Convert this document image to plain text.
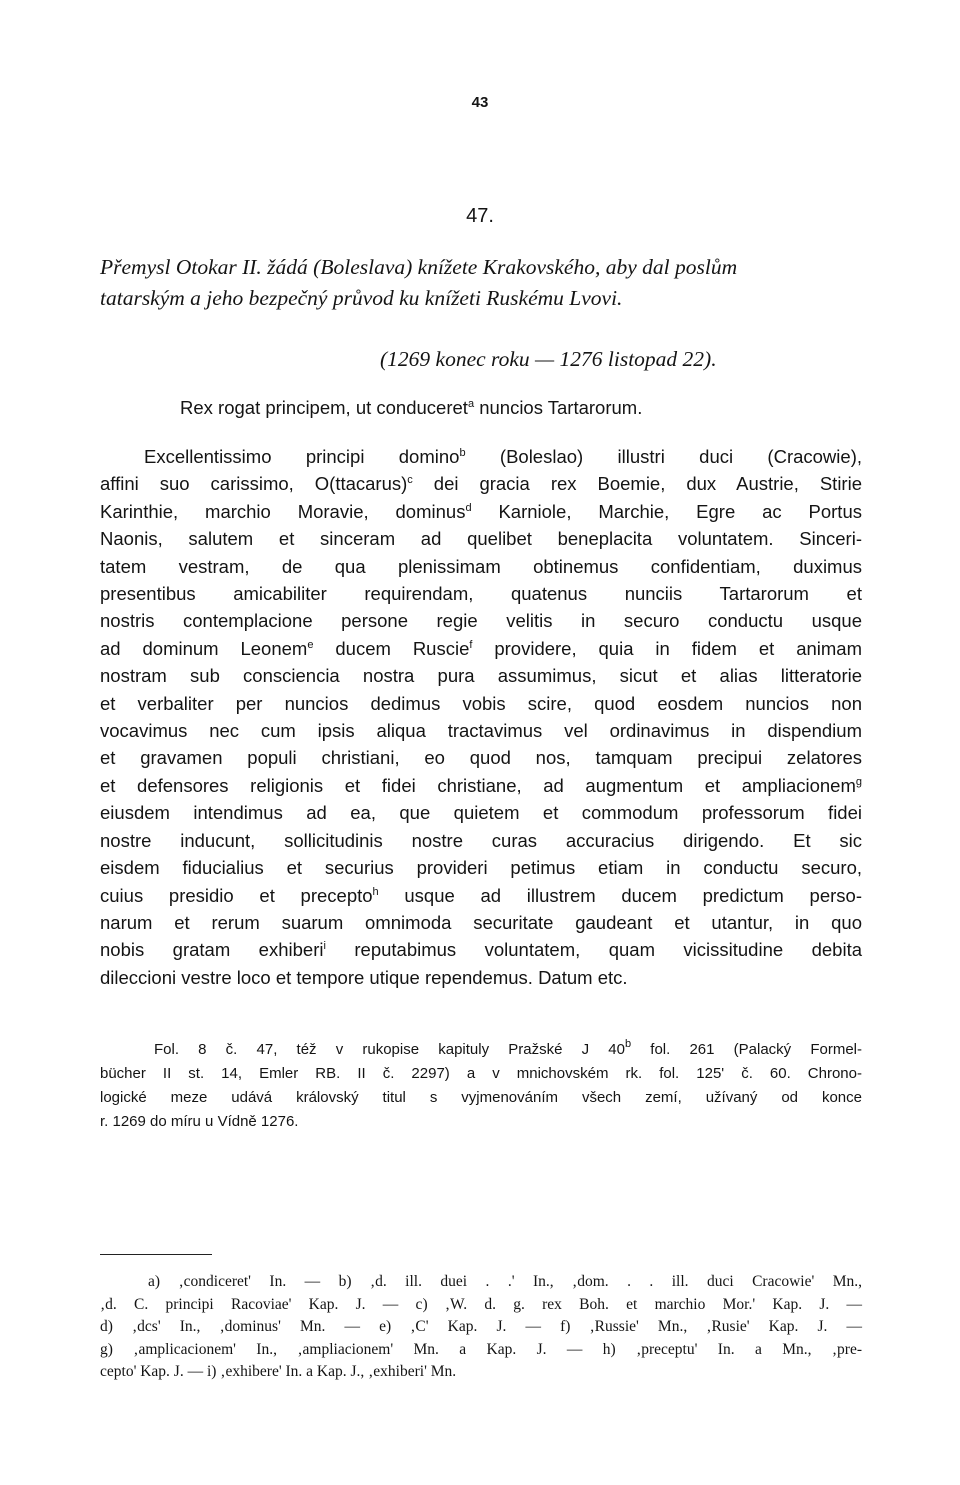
43
47.
Přemysl Otokar II. žádá (Boleslava) knížete Krakovského, aby dal poslům
tatarským a jeho bezpečný průvod ku knížeti Ruskému Lvovi.
(1269 konec roku — 1276 listopad 22).
Rex rogat principem, ut conduceret$^a$ nuncios Tartarorum.
Excellentissimo principi domino$^b$ (Boleslao) illustri duci (Cracowie),
affini suo carissimo, O(ttacarus)$^c$ dei gracia rex Boemie, dux Austrie, Stirie
Karinthie, marchio Moravie, dominus$^d$ Karniole, Marchie, Egre ac Portus
Naonis, salutem et sinceram ad quelibet beneplacita voluntatem. Sinceri-
tatem vestram, de qua plenissimam obtinemus confidentiam, duximus
presentibus amicabiliter requirendam, quatenus nunciis Tartarorum et
nostris contemplacione persone regie velitis in securo conductu usque
ad dominum Leonem$^e$ ducem Ruscie$^f$ providere, quia in fidem et animam
nostram sub consciencia nostra pura assumimus, sicut et alias litteratorie
et verbaliter per nuncios dedimus vobis scire, quod eosdem nuncios non
vocavimus nec cum ipsis aliqua tractavimus vel ordinavimus in dispendium
et gravamen populi christiani, eo quod nos, tamquam precipui zelatores
et defensores religionis et fidei christiane, ad augmentum et ampliacionem$^g$
eiusdem intendimus ad ea, que quietem et commodum professorum fidei
nostre inducunt, sollicitudinis nostre curas accuracius dirigendo. Et sic
eisdem fiducialius et securius provideri petimus etiam in conductu securo,
cuius presidio et precepto$^h$ usque ad illustrem ducem predictum perso-
narum et rerum suarum omnimoda securitate gaudeant et utantur, in quo
nobis gratam exhiberi$^i$ reputabimus voluntatem, quam vicissitudine debita
dileccioni vestre loco et tempore utique rependemus. Datum etc.
Fol. 8 č. 47, též v rukopise kapituly Pražské J 40$^b$ fol. 261 (Palacký Formel-
bücher II st. 14, Emler RB. II č. 2297) a v mnichovském rk. fol. 125' č. 60. Chrono-
logické meze udává královský titul s vyjmenováním všech zemí, užívaný od konce
r. 1269 do míru u Vídně 1276.
a) ‚condiceret' In. — b) ‚d. ill. duei . .' In., ‚dom. . . ill. duci Cracowie' Mn.,
‚d. C. principi Racoviae' Kap. J. — c) ‚W. d. g. rex Boh. et marchio Mor.' Kap. J. —
d) ‚dcs' In., ‚dominus' Mn. — e) ‚C' Kap. J. — f) ‚Russie' Mn., ‚Rusie' Kap. J. —
g) ‚amplicacionem' In., ‚ampliacionem' Mn. a Kap. J. — h) ‚preceptu' In. a Mn., ‚pre-
cepto' Kap. J. — i) ‚exhibere' In. a Kap. J., ‚exhiberi' Mn.
